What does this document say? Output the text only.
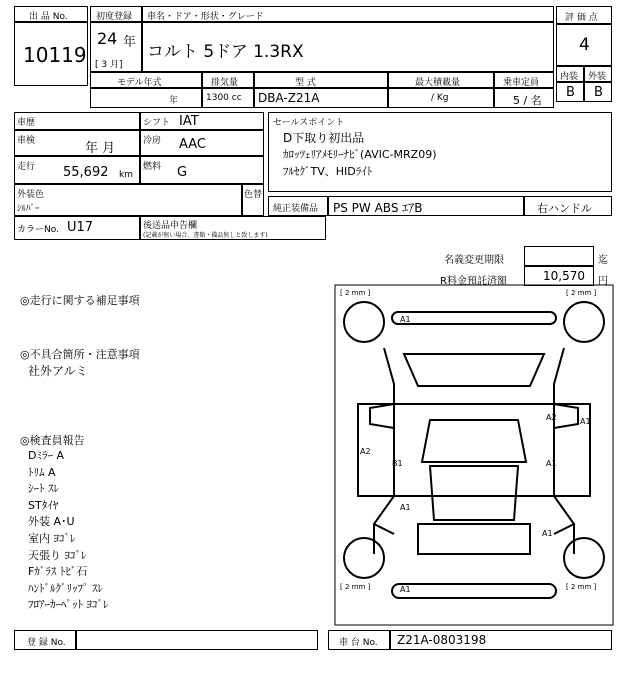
出 品 No.
10119
初度登録
24 年
[ 3 月]
車名・ドア・形状・グレード
コルト 5ドア 1.3RX
評 価 点
4
内装 外装
B B
モデル年式
年
排気量
1300 cc
型 式
DBA-Z21A
最大積載量
/ Kg
乗車定員
5 / 名
車歴	シフト IAT
車検	年 月	冷房 AAC
走行 55,692 km
燃料 G
外装色
ｼﾙﾊﾞｰ
色替
カラーNo. U17	後送品申告欄
(記載が無い場合、書類・備品無しと致します)
セールスポイント
D下取り初出品
ｶﾛｯﾂｪﾘｱﾒﾓﾘｰﾅﾋﾞ(AVIC-MRZ09)
ﾌﾙｾｸﾞTV、HIDﾗｲﾄ
純正装備品 PS PW ABS ｴｱB	右ハンドル
名義変更期限	迄
R料金預託済額	10,570 円
◎走行に関する補足事項
◎不具合箇所・注意事項
社外アルミ
◎検査員報告
Dﾐﾗｰ A
ﾄﾘﾑ A
ｼｰﾄ ｽﾚ
STﾀｲﾔ
外装 A･U
室内 ﾖｺﾞﾚ
天張り ﾖｺﾞﾚ
Fｶﾞﾗｽ ﾄﾋﾞ石
ﾊﾝﾄﾞﾙｸﾞﾘｯﾌﾟ ｽﾚ
ﾌﾛｱｰｶｰﾍﾟｯﾄ ﾖｺﾞﾚ
[ 2 mm ]	[ 2 mm ]
[ 2 mm ]	[ 2 mm ]
A1
A2	A1
A2
B1	A1
A1
A1
A1
登 録 No.	車 台 No. Z21A-0803198
